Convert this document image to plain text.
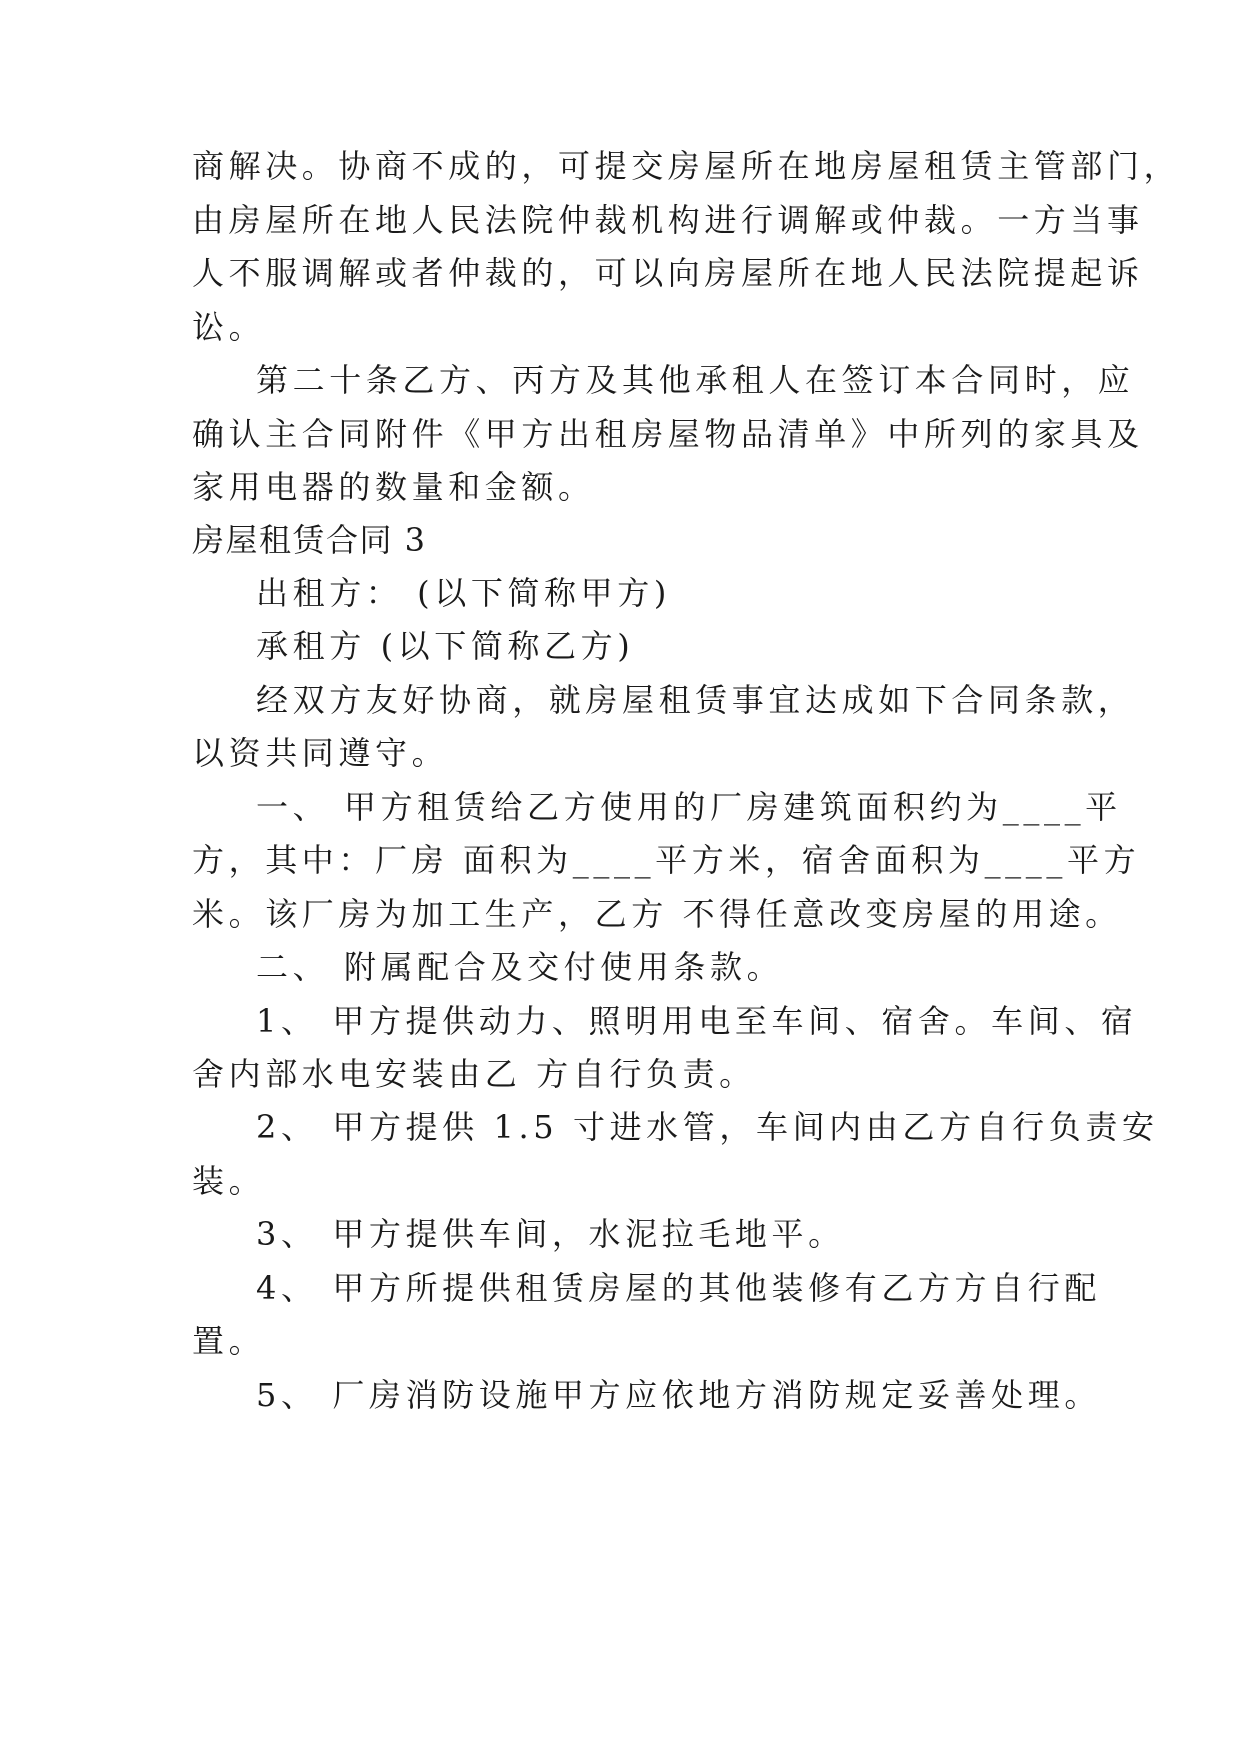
商解决。协商不成的，可提交房屋所在地房屋租赁主管部门，
由房屋所在地人民法院仲裁机构进行调解或仲裁。一方当事
人不服调解或者仲裁的，可以向房屋所在地人民法院提起诉
讼。
第二十条乙方、丙方及其他承租人在签订本合同时，应
确认主合同附件《甲方出租房屋物品清单》中所列的家具及
家用电器的数量和金额。
房屋租赁合同 3
出租方： (以下简称甲方)
承租方 (以下简称乙方)
经双方友好协商，就房屋租赁事宜达成如下合同条款，
以资共同遵守。
一、 甲方租赁给乙方使用的厂房建筑面积约为____平
方，其中：厂房 面积为____平方米，宿舍面积为____平方
米。该厂房为加工生产，乙方 不得任意改变房屋的用途。
二、 附属配合及交付使用条款。
1、 甲方提供动力、照明用电至车间、宿舍。车间、宿
舍内部水电安装由乙 方自行负责。
2、 甲方提供 1.5 寸进水管，车间内由乙方自行负责安
装。
3、 甲方提供车间，水泥拉毛地平。
4、 甲方所提供租赁房屋的其他装修有乙方方自行配
置。
5、 厂房消防设施甲方应依地方消防规定妥善处理。
